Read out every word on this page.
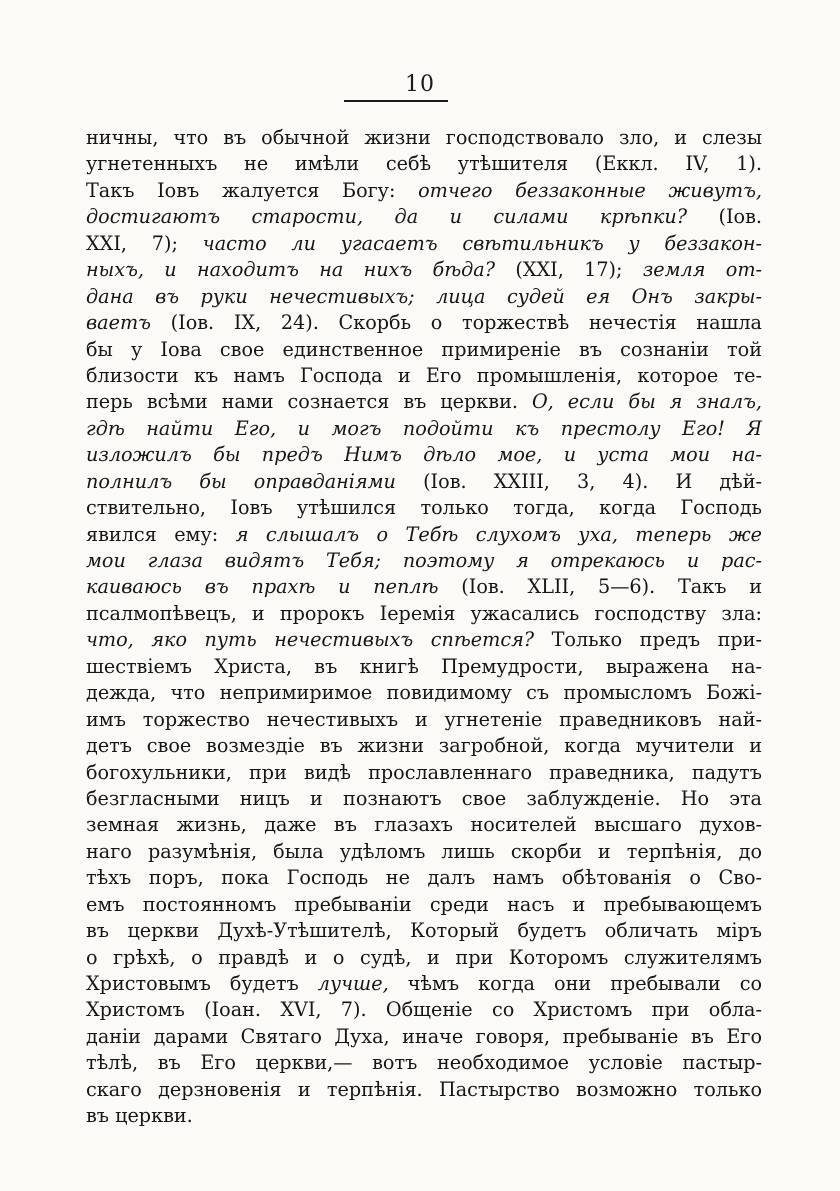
10
ничны, что въ обычной жизни господствовало зло, и слезы
угнетенныхъ не имѣли себѣ утѣшителя (Еккл. IV, 1).
Такъ Іовъ жалуется Богу: отчего беззаконные живутъ,
достигаютъ старости, да и силами крѣпки? (Іов.
XXI, 7); часто ли угасаетъ свѣтильникъ у беззакон-
ныхъ, и находитъ на нихъ бѣда? (XXI, 17); земля от-
дана въ руки нечестивыхъ; лица судей ея Онъ закры-
ваетъ (Іов. IX, 24). Скорбь о торжествѣ нечестія нашла
бы у Іова свое единственное примиреніе въ сознаніи той
близости къ намъ Господа и Его промышленія, которое те-
перь всѣми нами сознается въ церкви. О, если бы я зналъ,
гдѣ найти Его, и могъ подойти къ престолу Его! Я
изложилъ бы предъ Нимъ дѣло мое, и уста мои на-
полнилъ бы оправданіями (Іов. XXIII, 3, 4). И дѣй-
ствительно, Іовъ утѣшился только тогда, когда Господь
явился ему: я слышалъ о Тебѣ слухомъ уха, теперь же
мои глаза видятъ Тебя; поэтому я отрекаюсь и рас-
каиваюсь въ прахѣ и пеплѣ (Іов. XLII, 5—6). Такъ и
псалмопѣвецъ, и пророкъ Іеремія ужасались господству зла:
что, яко путь нечестивыхъ спѣется? Только предъ при-
шествіемъ Христа, въ книгѣ Премудрости, выражена на-
дежда, что непримиримое повидимому съ промысломъ Божі-
имъ торжество нечестивыхъ и угнетеніе праведниковъ най-
детъ свое возмездіе въ жизни загробной, когда мучители и
богохульники, при видѣ прославленнаго праведника, падутъ
безгласными ницъ и познаютъ свое заблужденіе. Но эта
земная жизнь, даже въ глазахъ носителей высшаго духов-
наго разумѣнія, была удѣломъ лишь скорби и терпѣнія, до
тѣхъ поръ, пока Господь не далъ намъ обѣтованія о Сво-
емъ постоянномъ пребываніи среди насъ и пребывающемъ
въ церкви Духѣ-Утѣшителѣ, Который будетъ обличать міръ
о грѣхѣ, о правдѣ и о судѣ, и при Которомъ служителямъ
Христовымъ будетъ лучше, чѣмъ когда они пребывали со
Христомъ (Іоан. XVI, 7). Общеніе со Христомъ при обла-
даніи дарами Святаго Духа, иначе говоря, пребываніе въ Его
тѣлѣ, въ Его церкви,— вотъ необходимое условіе пастыр-
скаго дерзновенія и терпѣнія. Пастырство возможно только
въ церкви.
